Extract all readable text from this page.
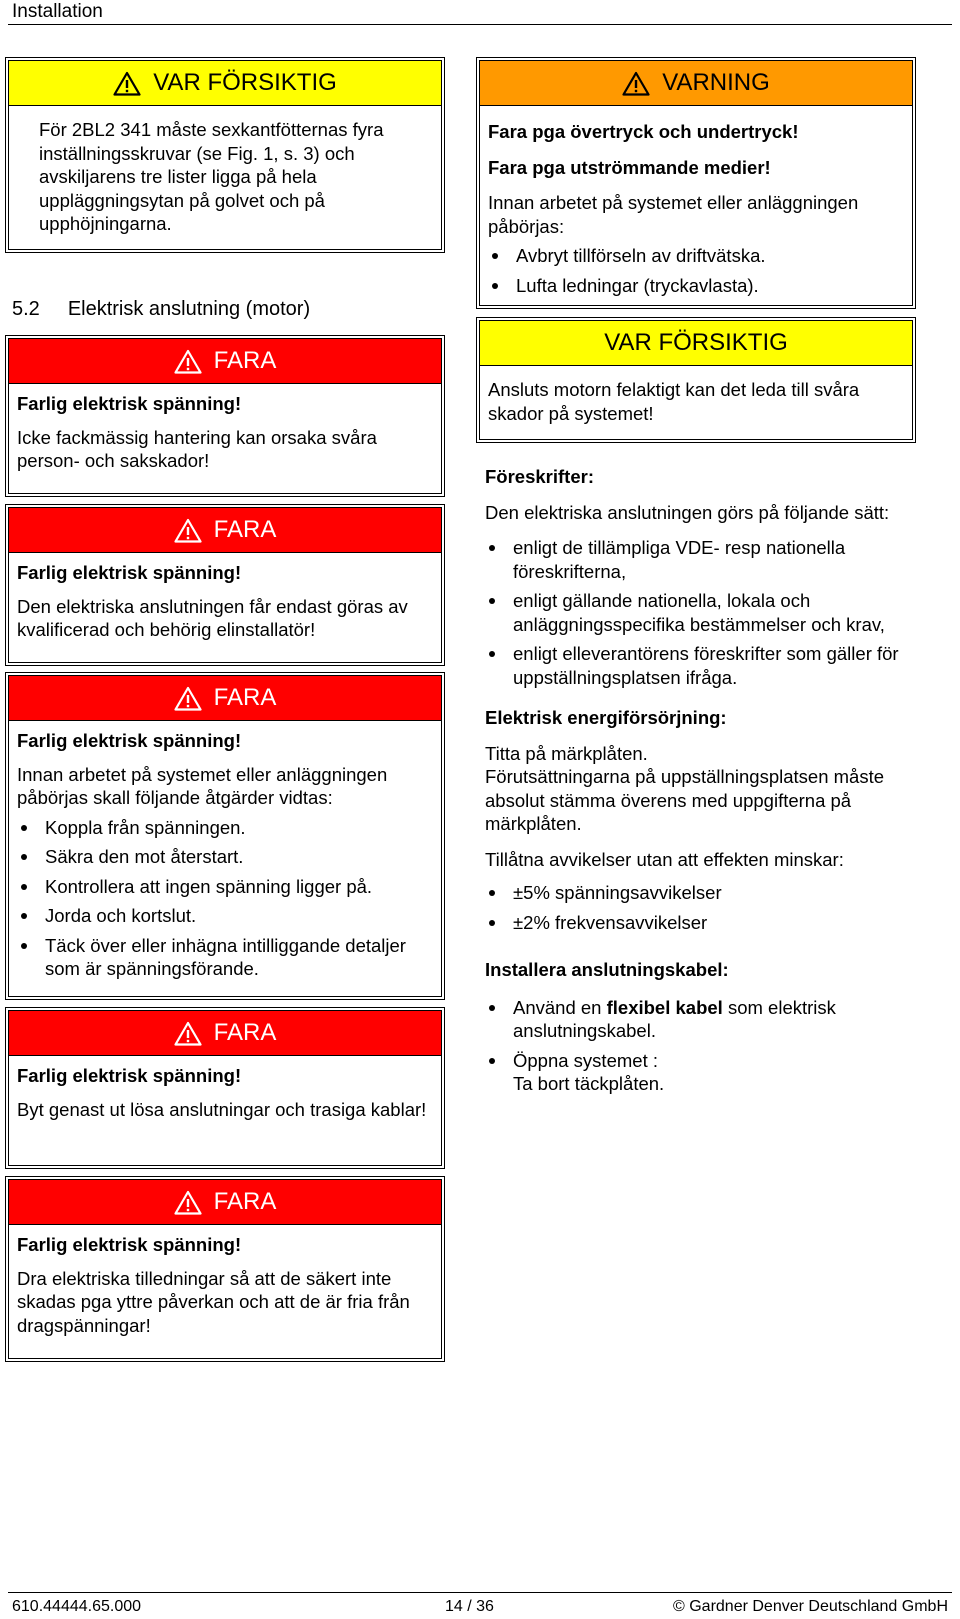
Installation
VAR FÖRSIKTIG

För 2BL2 341 måste sexkantfötternas fyra inställningsskruvar (se Fig. 1, s. 3) och avskiljarens tre lister ligga på hela uppläggningsytan på golvet och på upphöjningarna.

5.2 Elektrisk anslutning (motor)
FARA

Farlig elektrisk spänning!

Icke fackmässig hantering kan orsaka svåra person- och sakskador!

FARA

Farlig elektrisk spänning!

Den elektriska anslutningen får endast göras av kvalificerad och behörig elinstallatör!

FARA

Farlig elektrisk spänning!

Innan arbetet på systemet eller anläggningen påbörjas skall följande åtgärder vidtas:

Koppla från spänningen.
Säkra den mot återstart.
Kontrollera att ingen spänning ligger på.
Jorda och kortslut.
Täck över eller inhägna intilliggande detaljer som är spänningsförande.
FARA

Farlig elektrisk spänning!

Byt genast ut lösa anslutningar och trasiga kablar!

FARA

Farlig elektrisk spänning!

Dra elektriska tilledningar så att de säkert inte skadas pga yttre påverkan och att de är fria från dragspänningar!

VARNING

Fara pga övertryck och undertryck!

Fara pga utströmmande medier!

Innan arbetet på systemet eller anläggningen påbörjas:

Avbryt tillförseln av driftvätska.
Lufta ledningar (tryckavlasta).
VAR FÖRSIKTIG

Ansluts motorn felaktigt kan det leda till svåra skador på systemet!

Föreskrifter:

Den elektriska anslutningen görs på följande sätt:

enligt de tillämpliga VDE- resp nationella föreskrifterna,
enligt gällande nationella, lokala och anläggningsspecifika bestämmelser och krav,
enligt elleverantörens föreskrifter som gäller för uppställningsplatsen ifråga.

Elektrisk energiförsörjning:

Titta på märkplåten.

Förutsättningarna på uppställningsplatsen måste absolut stämma överens med uppgifterna på märkplåten.

Tillåtna avvikelser utan att effekten minskar:

±5% spänningsavvikelser
±2% frekvensavvikelser

Installera anslutningskabel:

Använd en flexibel kabel som elektrisk anslutningskabel.
Öppna systemet :
Ta bort täckplåten.
610.44444.65.000	14 / 36	© Gardner Denver Deutschland GmbH
